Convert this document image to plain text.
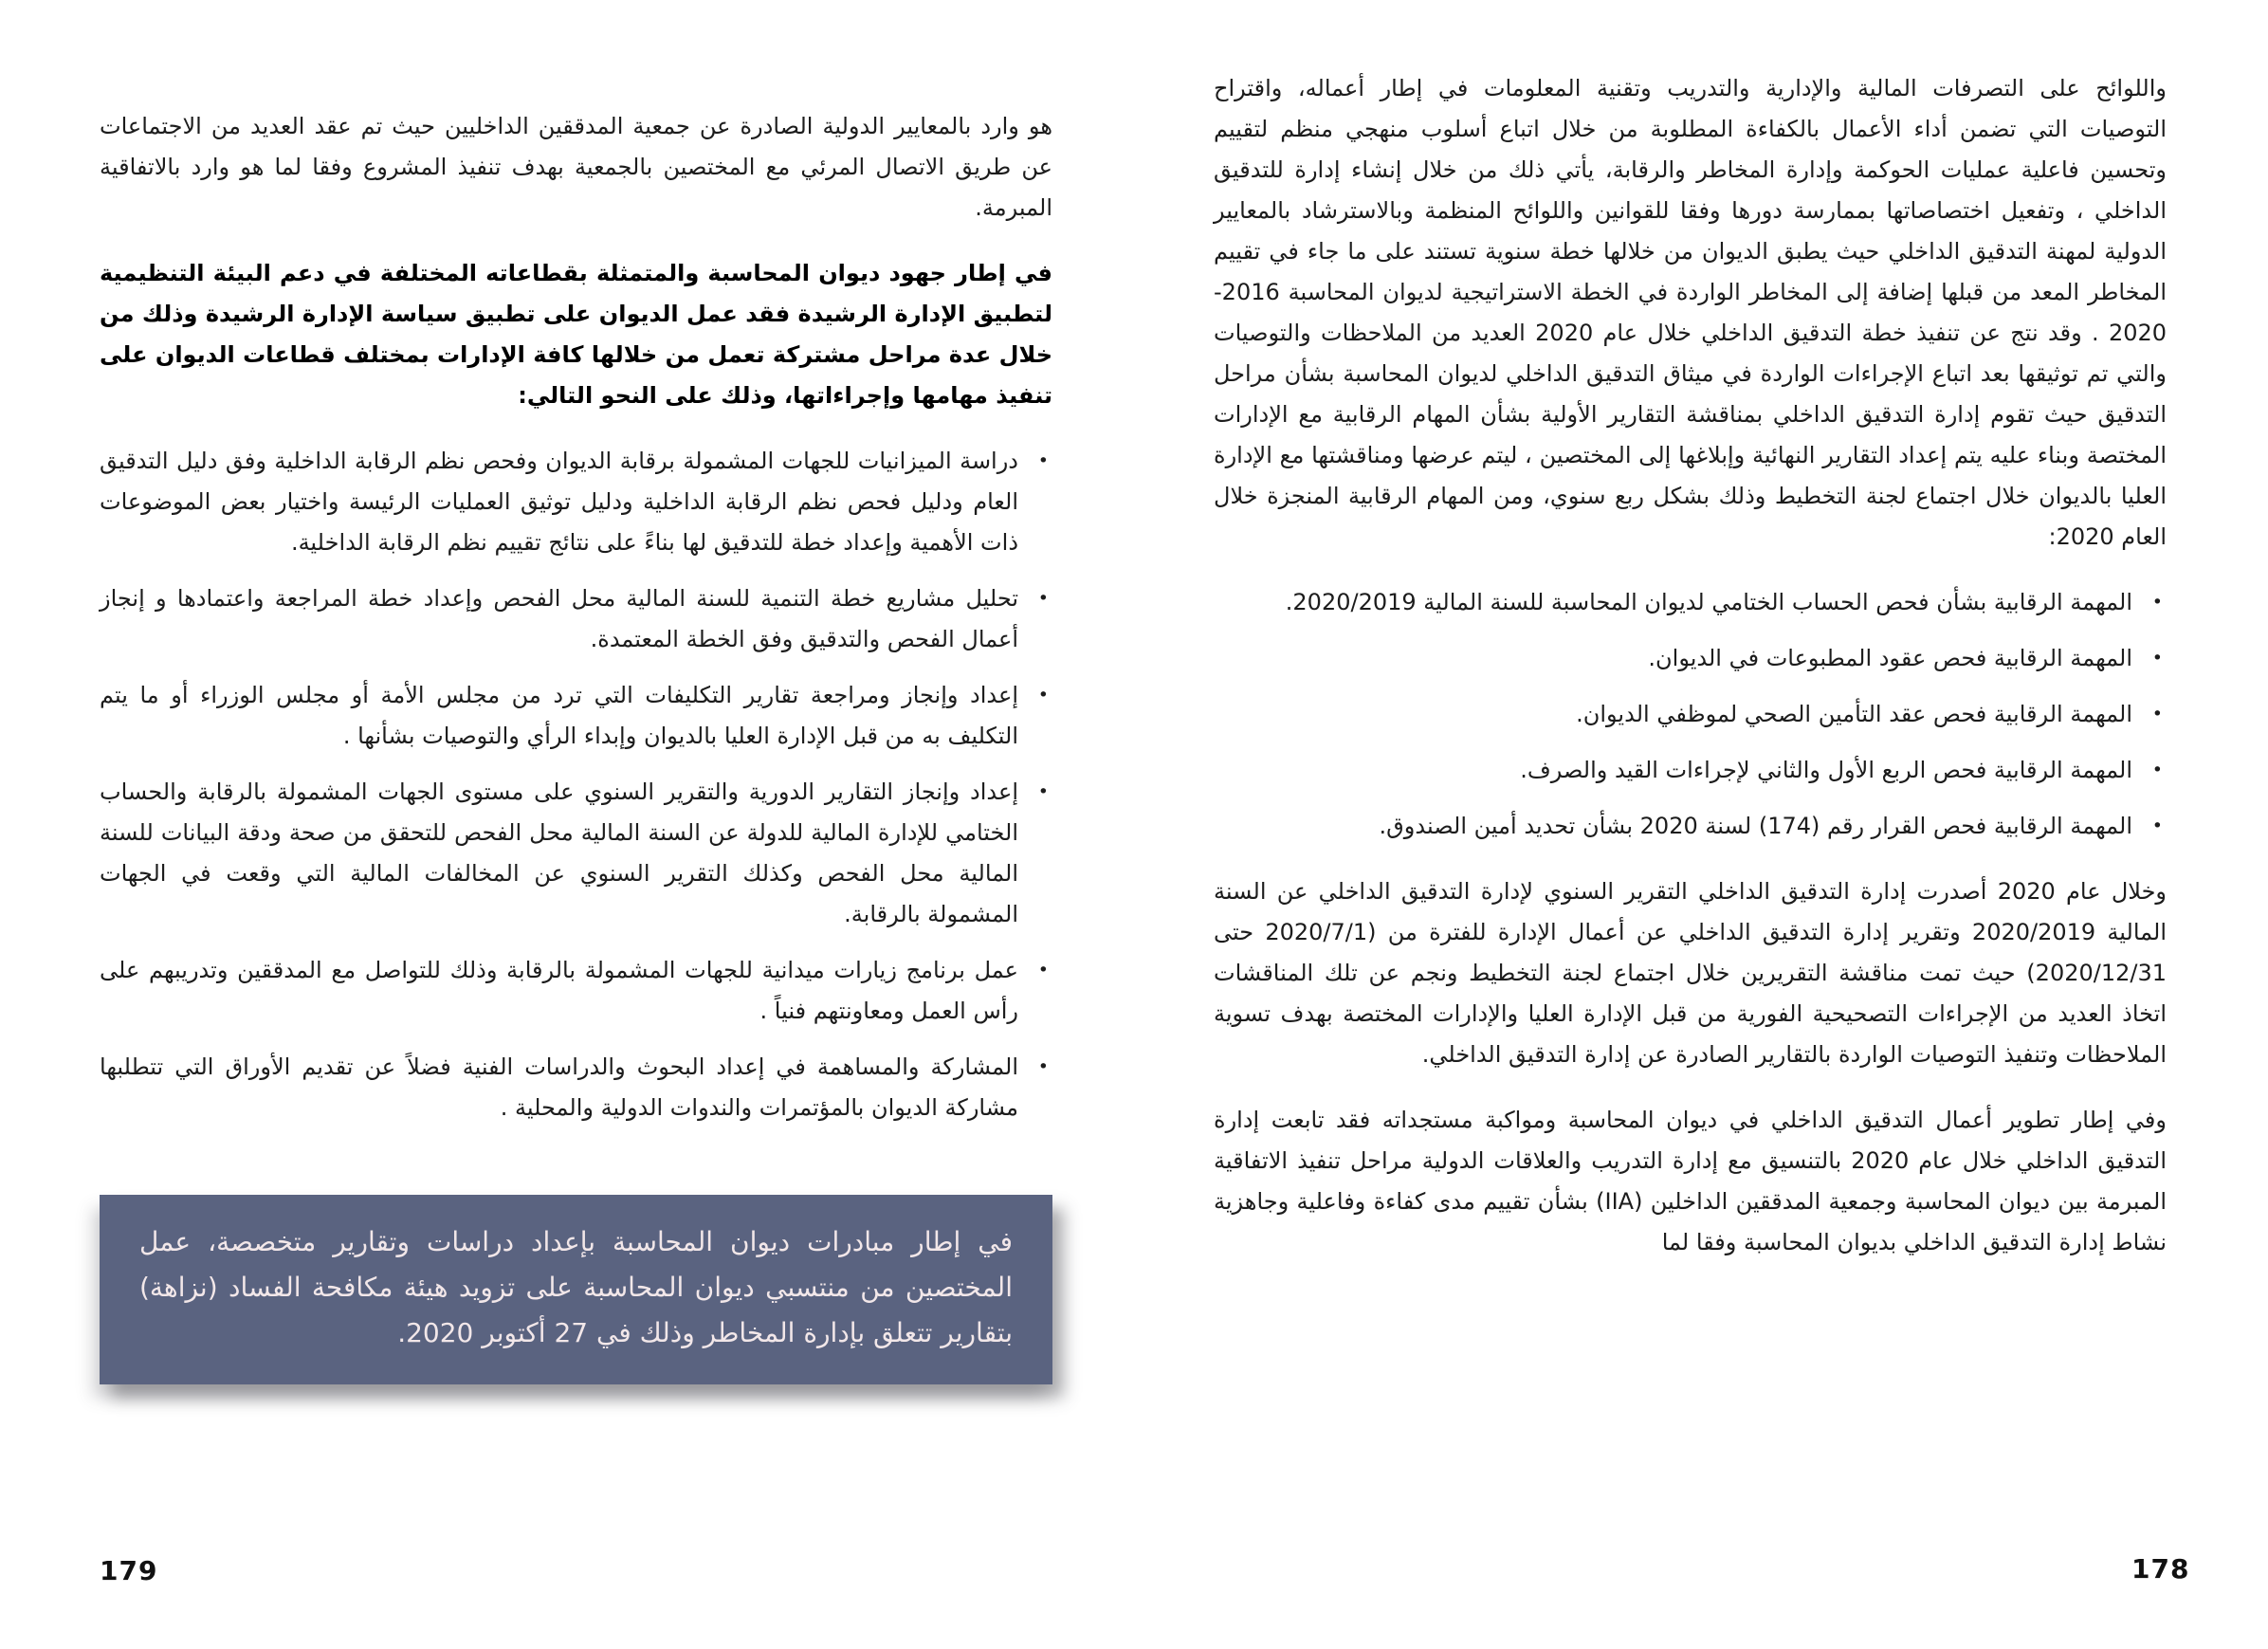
هو وارد بالمعايير الدولية الصادرة عن جمعية المدققين الداخليين حيث تم عقد العديد من الاجتماعات عن طريق الاتصال المرئي مع المختصين بالجمعية بهدف تنفيذ المشروع وفقا لما هو وارد بالاتفاقية المبرمة.
في إطار جهود ديوان المحاسبة والمتمثلة بقطاعاته المختلفة في دعم البيئة التنظيمية لتطبيق الإدارة الرشيدة فقد عمل الديوان على تطبيق سياسة الإدارة الرشيدة وذلك من خلال عدة مراحل مشتركة تعمل من خلالها كافة الإدارات بمختلف قطاعات الديوان على تنفيذ مهامها وإجراءاتها، وذلك على النحو التالي:
•
دراسة الميزانيات للجهات المشمولة برقابة الديوان وفحص نظم الرقابة الداخلية وفق دليل التدقيق العام ودليل فحص نظم الرقابة الداخلية ودليل توثيق العمليات الرئيسة واختيار بعض الموضوعات ذات الأهمية وإعداد خطة للتدقيق لها بناءً على نتائج تقييم نظم الرقابة الداخلية.
•
تحليل مشاريع خطة التنمية للسنة المالية محل الفحص وإعداد خطة المراجعة واعتمادها و إنجاز أعمال الفحص والتدقيق وفق الخطة المعتمدة.
•
إعداد وإنجاز ومراجعة تقارير التكليفات التي ترد من مجلس الأمة أو مجلس الوزراء أو ما يتم التكليف به من قبل الإدارة العليا بالديوان وإبداء الرأي والتوصيات بشأنها .
•
إعداد وإنجاز التقارير الدورية والتقرير السنوي على مستوى الجهات المشمولة بالرقابة والحساب الختامي للإدارة المالية للدولة عن السنة المالية محل الفحص للتحقق من صحة ودقة البيانات للسنة المالية محل الفحص وكذلك التقرير السنوي عن المخالفات المالية التي وقعت في الجهات المشمولة بالرقابة.
•
عمل برنامج زيارات ميدانية للجهات المشمولة بالرقابة وذلك للتواصل مع المدققين وتدريبهم على رأس العمل ومعاونتهم فنياً .
•
المشاركة والمساهمة في إعداد البحوث والدراسات الفنية فضلاً عن تقديم الأوراق التي تتطلبها مشاركة الديوان بالمؤتمرات والندوات الدولية والمحلية .
في إطار مبادرات ديوان المحاسبة بإعداد دراسات وتقارير متخصصة، عمل المختصين من منتسبي ديوان المحاسبة على تزويد هيئة مكافحة الفساد (نزاهة) بتقارير تتعلق بإدارة المخاطر وذلك في 27 أكتوبر 2020.
واللوائح على التصرفات المالية والإدارية والتدريب وتقنية المعلومات في إطار أعماله، واقتراح التوصيات التي تضمن أداء الأعمال بالكفاءة المطلوبة من خلال اتباع أسلوب منهجي منظم لتقييم وتحسين فاعلية عمليات الحوكمة وإدارة المخاطر والرقابة، يأتي ذلك من خلال إنشاء إدارة للتدقيق الداخلي ، وتفعيل اختصاصاتها بممارسة دورها وفقا للقوانين واللوائح المنظمة وبالاسترشاد بالمعايير الدولية لمهنة التدقيق الداخلي حيث يطبق الديوان من خلالها خطة سنوية تستند على ما جاء في تقييم المخاطر المعد من قبلها إضافة إلى المخاطر الواردة في الخطة الاستراتيجية لديوان المحاسبة 2016-2020 . وقد نتج عن تنفيذ خطة التدقيق الداخلي خلال عام 2020 العديد من الملاحظات والتوصيات والتي تم توثيقها بعد اتباع الإجراءات الواردة في ميثاق التدقيق الداخلي لديوان المحاسبة بشأن مراحل التدقيق حيث تقوم إدارة التدقيق الداخلي بمناقشة التقارير الأولية بشأن المهام الرقابية مع الإدارات المختصة وبناء عليه يتم إعداد التقارير النهائية وإبلاغها إلى المختصين ، ليتم عرضها ومناقشتها مع الإدارة العليا بالديوان خلال اجتماع لجنة التخطيط وذلك بشكل ربع سنوي، ومن المهام الرقابية المنجزة خلال العام 2020:
•
المهمة الرقابية بشأن فحص الحساب الختامي لديوان المحاسبة للسنة المالية 2020/2019.
•
المهمة الرقابية فحص عقود المطبوعات في الديوان.
•
المهمة الرقابية فحص عقد التأمين الصحي لموظفي الديوان.
•
المهمة الرقابية فحص الربع الأول والثاني لإجراءات القيد والصرف.
•
المهمة الرقابية فحص القرار رقم (174) لسنة 2020 بشأن تحديد أمين الصندوق.
وخلال عام 2020 أصدرت إدارة التدقيق الداخلي التقرير السنوي لإدارة التدقيق الداخلي عن السنة المالية 2020/2019 وتقرير إدارة التدقيق الداخلي عن أعمال الإدارة للفترة من (2020/7/1 حتى 2020/12/31) حيث تمت مناقشة التقريرين خلال اجتماع لجنة التخطيط ونجم عن تلك المناقشات اتخاذ العديد من الإجراءات التصحيحية الفورية من قبل الإدارة العليا والإدارات المختصة بهدف تسوية الملاحظات وتنفيذ التوصيات الواردة بالتقارير الصادرة عن إدارة التدقيق الداخلي.
وفي إطار تطوير أعمال التدقيق الداخلي في ديوان المحاسبة ومواكبة مستجداته فقد تابعت إدارة التدقيق الداخلي خلال عام 2020 بالتنسيق مع إدارة التدريب والعلاقات الدولية مراحل تنفيذ الاتفاقية المبرمة بين ديوان المحاسبة وجمعية المدققين الداخلين (IIA) بشأن تقييم مدى كفاءة وفاعلية وجاهزية نشاط إدارة التدقيق الداخلي بديوان المحاسبة وفقا لما
179	178
